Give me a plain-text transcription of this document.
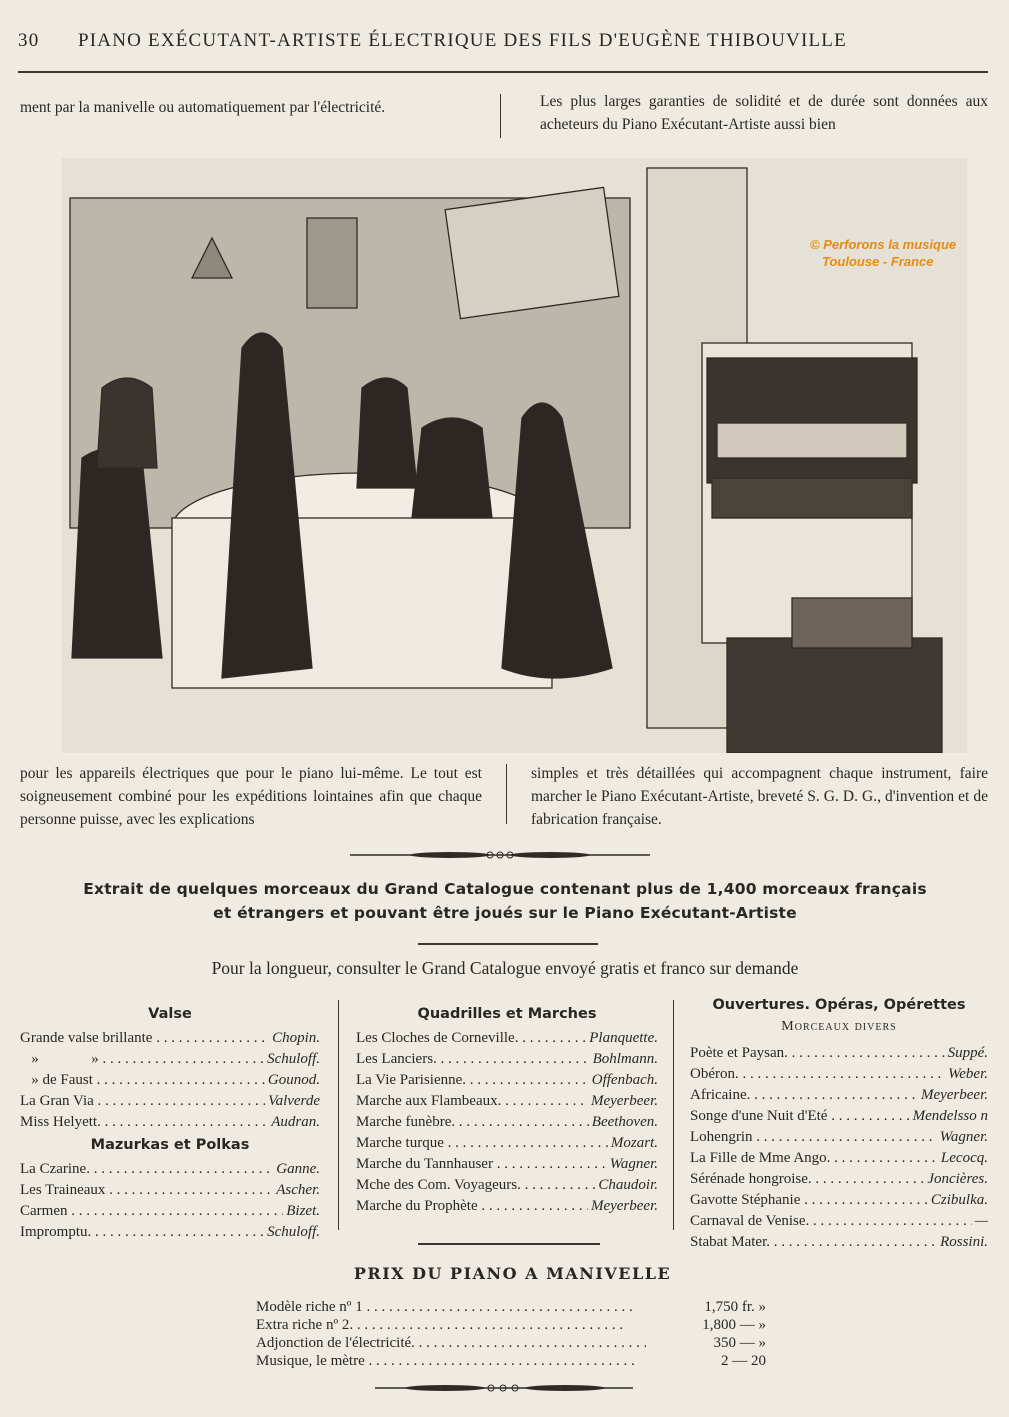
30 PIANO EXÉCUTANT-ARTISTE ÉLECTRIQUE DES FILS D'EUGÈNE THIBOUVILLE
ment par la manivelle ou automatiquement par l'électricité.	Les plus larges garanties de solidité et de durée sont données aux acheteurs du Piano Exécutant-Artiste aussi bien
© Perforons la musique
Toulouse - France
pour les appareils électriques que pour le piano lui-même. Le tout est soigneusement combiné pour les expéditions lointaines afin que chaque personne puisse, avec les explications
simples et très détaillées qui accompagnent chaque instrument, faire marcher le Piano Exécutant-Artiste, breveté S. G. D. G., d'invention et de fabrication française.
Extrait de quelques morceaux du Grand Catalogue contenant plus de 1,400 morceaux français
et étrangers et pouvant être joués sur le Piano Exécutant-Artiste
Pour la longueur, consulter le Grand Catalogue envoyé gratis et franco sur demande
Valse
Grande valse brillante . . .	Chopin.
»              » . . .	Schuloff.
» de Faust . . .	Gounod.
La Gran Via . . .	Valverde
Miss Helyett. . . .	Audran.
Mazurkas et Polkas
La Czarine. . . .	Ganne.
Les Traineaux . . .	Ascher.
Carmen . . .	Bizet.
Impromptu. . . .	Schuloff.
Quadrilles et Marches
Les Cloches de Corneville. . . .	Planquette.
Les Lanciers. . . .	Bohlmann.
La Vie Parisienne. . . .	Offenbach.
Marche aux Flambeaux. . . .	Meyerbeer.
Marche funèbre. . . .	Beethoven.
Marche turque . . .	Mozart.
Marche du Tannhauser . . .	Wagner.
Mche des Com. Voyageurs. . . .	Chaudoir.
Marche du Prophète . . .	Meyerbeer.
Ouvertures. Opéras, Opérettes
Morceaux divers
Poète et Paysan. . . .	Suppé.
Obéron. . . .	Weber.
Africaine. . . .	Meyerbeer.
Songe d'une Nuit d'Eté . . .	Mendelsso n
Lohengrin . . .	Wagner.
La Fille de Mme Ango. . . .	Lecocq.
Sérénade hongroise. . . .	Joncières.
Gavotte Stéphanie . . .	Czibulka.
Carnaval de Venise. . . .	—
Stabat Mater. . . .	Rossini.
PRIX DU PIANO A MANIVELLE
Modèle riche nº 1 . . .	1,750 fr. »
Extra riche nº 2. . . .	1,800 — »
Adjonction de l'électricité. . . .	350 — »
Musique, le mètre . . .	2 — 20
